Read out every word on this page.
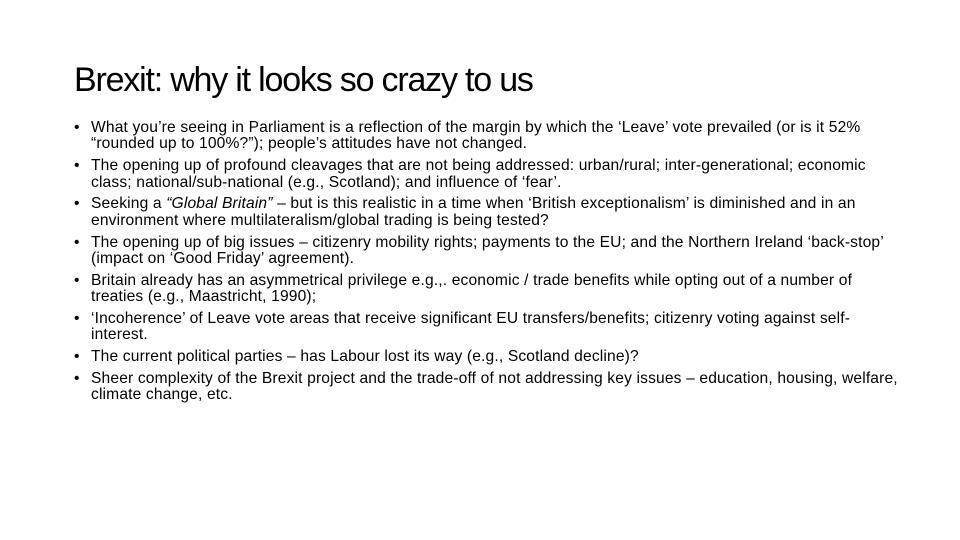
Brexit: why it looks so crazy to us
• What you’re seeing in Parliament is a reflection of the margin by which the ‘Leave’ vote prevailed (or is it 52% “rounded up to 100%?”); people’s attitudes have not changed.
• The opening up of profound cleavages that are not being addressed: urban/rural; inter-generational; economic class; national/sub-national (e.g., Scotland); and influence of ‘fear’.
• Seeking a “Global Britain” – but is this realistic in a time when ‘British exceptionalism’ is diminished and in an environment where multilateralism/global trading is being tested?
• The opening up of big issues – citizenry mobility rights; payments to the EU; and the Northern Ireland ‘back-stop’ (impact on ‘Good Friday’ agreement).
• Britain already has an asymmetrical privilege e.g.,. economic / trade benefits while opting out of a number of treaties (e.g., Maastricht, 1990);
• ‘Incoherence’ of Leave vote areas that receive significant EU transfers/benefits; citizenry voting against self-interest.
• The current political parties – has Labour lost its way (e.g., Scotland decline)?
• Sheer complexity of the Brexit project and the trade-off of not addressing key issues – education, housing, welfare, climate change, etc.
